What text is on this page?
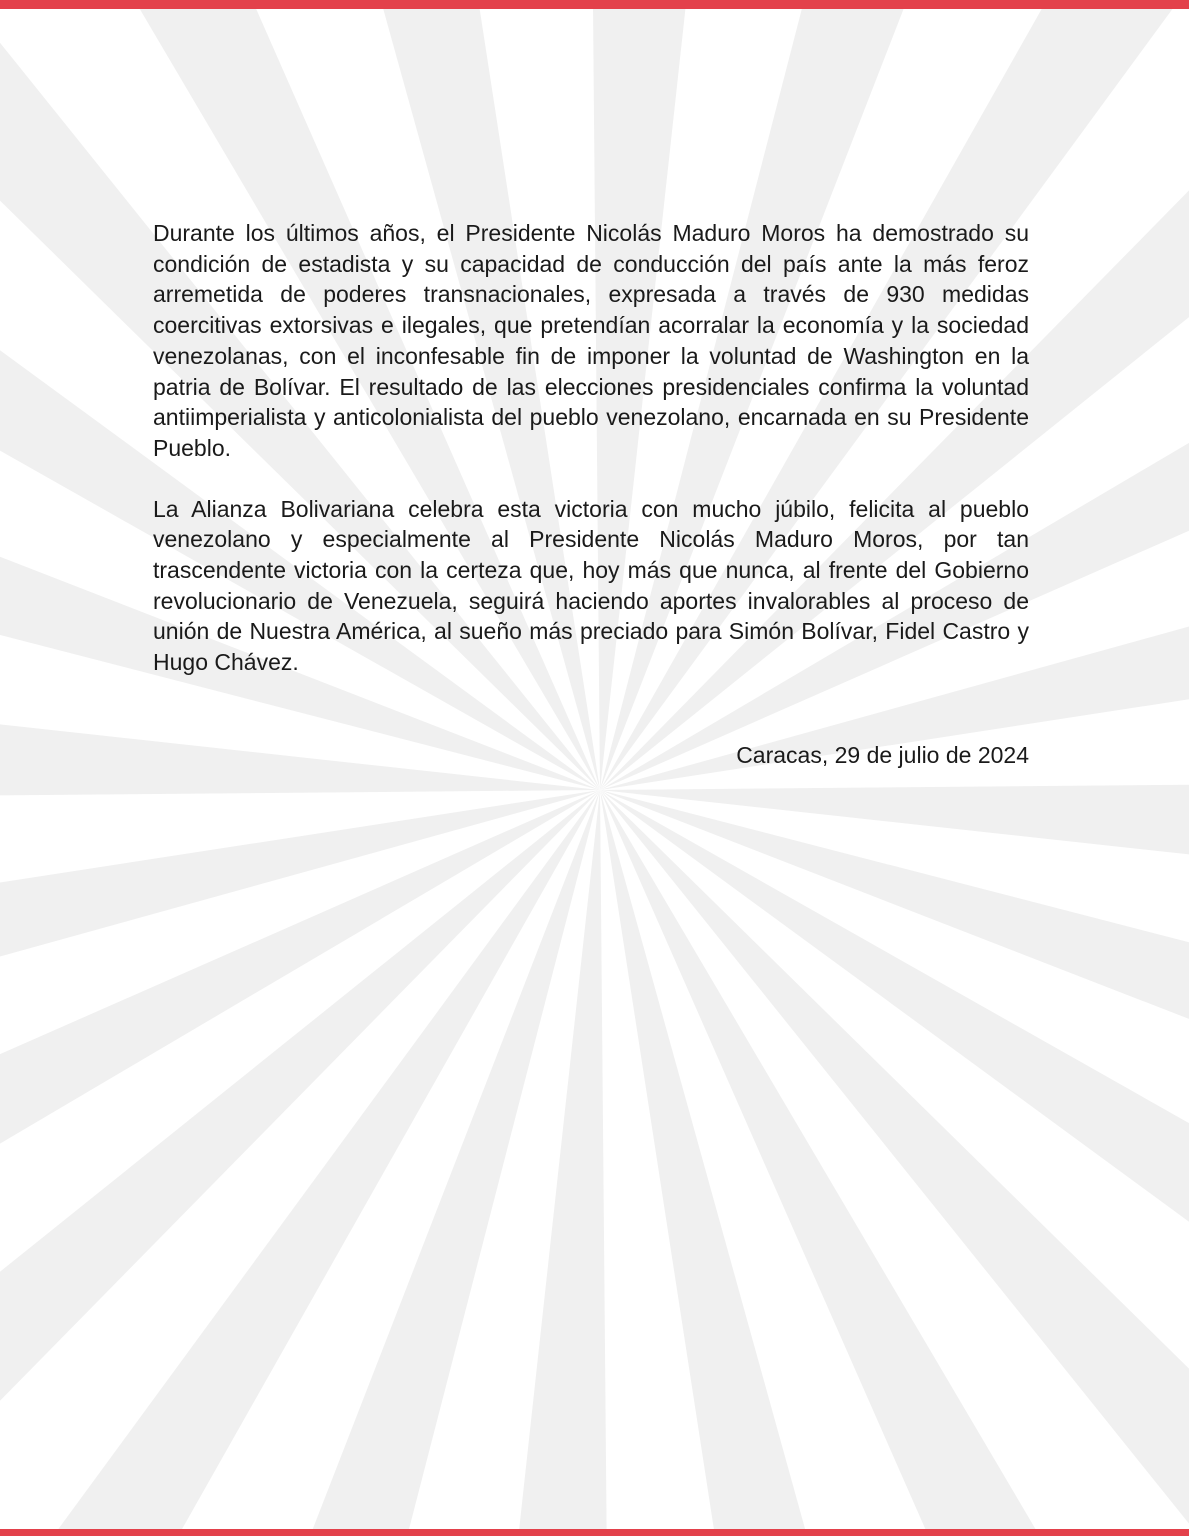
Durante los últimos años, el Presidente Nicolás Maduro Moros ha demostrado su condición de estadista y su capacidad de conducción del país ante la más feroz arremetida de poderes transnacionales, expresada a través de 930 medidas coercitivas extorsivas e ilegales, que pretendían acorralar la economía y la sociedad venezolanas, con el inconfesable fin de imponer la voluntad de Washington en la patria de Bolívar. El resultado de las elecciones presidenciales confirma la voluntad antiimperialista y anticolonialista del pueblo venezolano, encarnada en su Presidente Pueblo.

La Alianza Bolivariana celebra esta victoria con mucho júbilo, felicita al pueblo venezolano y especialmente al Presidente Nicolás Maduro Moros, por tan trascendente victoria con la certeza que, hoy más que nunca, al frente del Gobierno revolucionario de Venezuela, seguirá haciendo aportes invalorables al proceso de unión de Nuestra América, al sueño más preciado para Simón Bolívar, Fidel Castro y Hugo Chávez.

Caracas, 29 de julio de 2024
